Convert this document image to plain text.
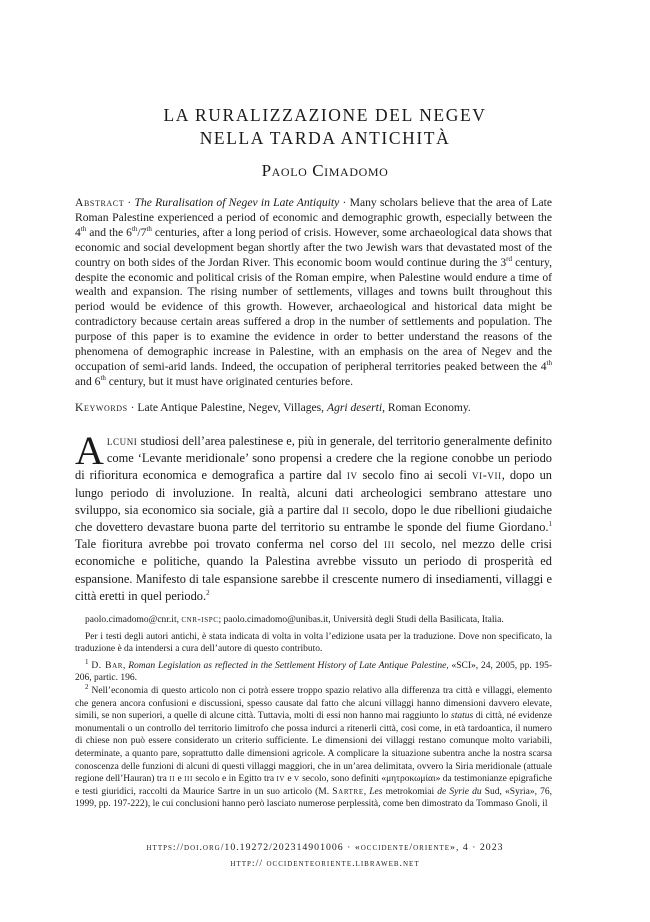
LA RURALIZZAZIONE DEL NEGEV
NELLA TARDA ANTICHITÀ
Paolo Cimadomo
Abstract · The Ruralisation of Negev in Late Antiquity · Many scholars believe that the area of Late Roman Palestine experienced a period of economic and demographic growth, especially between the 4th and the 6th/7th centuries, after a long period of crisis. However, some archaeological data shows that economic and social development began shortly after the two Jewish wars that devastated most of the country on both sides of the Jordan River. This economic boom would continue during the 3rd century, despite the economic and political crisis of the Roman empire, when Palestine would endure a time of wealth and expansion. The rising number of settlements, villages and towns built throughout this period would be evidence of this growth. However, archaeological and historical data might be contradictory because certain areas suffered a drop in the number of settlements and population. The purpose of this paper is to examine the evidence in order to better understand the reasons of the phenomena of demographic increase in Palestine, with an emphasis on the area of Negev and the occupation of semi-arid lands. Indeed, the occupation of peripheral territories peaked between the 4th and 6th century, but it must have originated centuries before.
Keywords · Late Antique Palestine, Negev, Villages, Agri deserti, Roman Economy.
Alcuni studiosi dell’area palestinese e, più in generale, del territorio generalmente definito come ‘Levante meridionale’ sono propensi a credere che la regione conobbe un periodo di rifioritura economica e demografica a partire dal iv secolo fino ai secoli vi-vii, dopo un lungo periodo di involuzione. In realtà, alcuni dati archeologici sembrano attestare uno sviluppo, sia economico sia sociale, già a partire dal ii secolo, dopo le due ribellioni giudaiche che dovettero devastare buona parte del territorio su entrambe le sponde del fiume Giordano.$^1$ Tale fioritura avrebbe poi trovato conferma nel corso del iii secolo, nel mezzo delle crisi economiche e politiche, quando la Palestina avrebbe vissuto un periodo di prosperità ed espansione. Manifesto di tale espansione sarebbe il crescente numero di insediamenti, villaggi e città eretti in quel periodo.$^2$

paolo.cimadomo@cnr.it, cnr-ispc; paolo.cimadomo@unibas.it, Università degli Studi della Basilicata, Italia.

Per i testi degli autori antichi, è stata indicata di volta in volta l’edizione usata per la traduzione. Dove non specificato, la traduzione è da intendersi a cura dell’autore di questo contributo.

$^1$ D. Bar, Roman Legislation as reflected in the Settlement History of Late Antique Palestine, «SCI», 24, 2005, pp. 195-206, partic. 196.

$^2$ Nell’economia di questo articolo non ci potrà essere troppo spazio relativo alla differenza tra città e villaggi, elemento che genera ancora confusioni e discussioni, spesso causate dal fatto che alcuni villaggi hanno dimensioni davvero elevate, simili, se non superiori, a quelle di alcune città. Tuttavia, molti di essi non hanno mai raggiunto lo status di città, né evidenze monumentali o un controllo del territorio limitrofo che possa indurci a ritenerli città, così come, in età tardoantica, il numero di chiese non può essere considerato un criterio sufficiente. Le dimensioni dei villaggi restano comunque molto variabili, determinate, a quanto pare, soprattutto dalle dimensioni agricole. A complicare la situazione subentra anche la nostra scarsa conoscenza delle funzioni di alcuni di questi villaggi maggiori, che in un’area delimitata, ovvero la Siria meridionale (attuale regione dell’Hauran) tra ii e iii secolo e in Egitto tra iv e v secolo, sono definiti «μητροκωμίαι» da testimonianze epigrafiche e testi giuridici, raccolti da Maurice Sartre in un suo articolo (M. Sartre, Les metrokomiai de Syrie du Sud, «Syria», 76, 1999, pp. 197-222), le cui conclusioni hanno però lasciato numerose perplessità, come ben dimostrato da Tommaso Gnoli, il

https://doi.org/10.19272/202314901006 · «occidente/oriente», 4 · 2023
http:// occidenteoriente.libraweb.net
